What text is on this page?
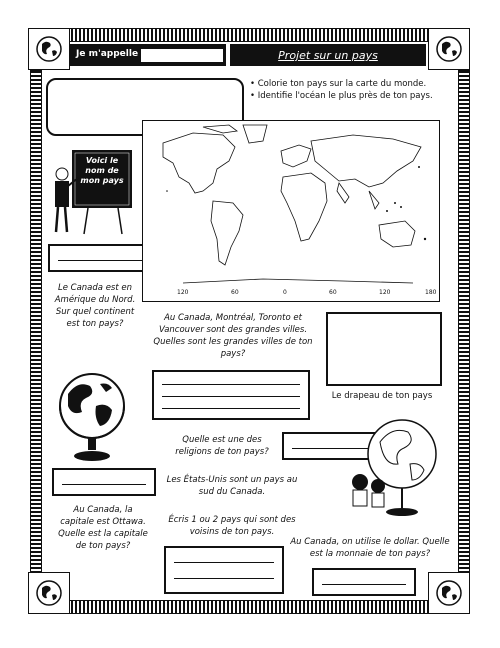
Je m'appelle	Projet sur un pays
• Colorie ton pays sur la carte du monde.
• Identifie l'océan le plus près de ton pays.
Voici le nom de mon pays
120	60	0	60	120	180
Le Canada est en Amérique du Nord. Sur quel continent est ton pays?
Au Canada, Montréal, Toronto et Vancouver sont des grandes villes. Quelles sont les grandes villes de ton pays?
Le drapeau de ton pays
Quelle est une des religions de ton pays?
Les États-Unis sont un pays au sud du Canada.
Écris 1 ou 2 pays qui sont des voisins de ton pays.
Au Canada, la capitale est Ottawa. Quelle est la capitale de ton pays?	Au Canada, on utilise le dollar. Quelle est la monnaie de ton pays?
